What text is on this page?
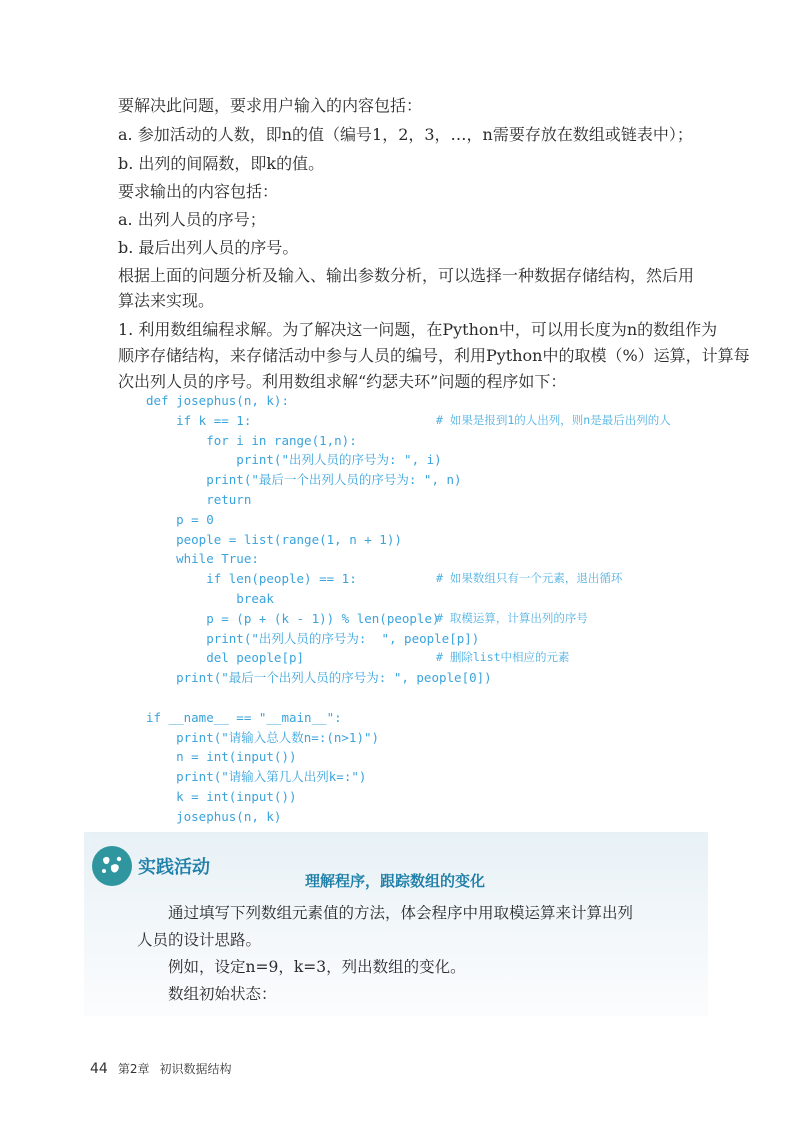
要解决此问题，要求用户输入的内容包括：

a. 参加活动的人数，即n的值（编号1，2，3，…，n需要存放在数组或链表中）；

b. 出列的间隔数，即k的值。

要求输出的内容包括：

a. 出列人员的序号；

b. 最后出列人员的序号。

根据上面的问题分析及输入、输出参数分析，可以选择一种数据存储结构，然后用

算法来实现。

1. 利用数组编程求解。为了解决这一问题，在Python中，可以用长度为n的数组作为

顺序存储结构，来存储活动中参与人员的编号，利用Python中的取模（%）运算，计算每

次出列人员的序号。利用数组求解“约瑟夫环”问题的程序如下：

def josephus(n, k):
if k == 1:	# 如果是报到1的人出列，则n是最后出列的人
for i in range(1,n):
print("出列人员的序号为: ", i)
print("最后一个出列人员的序号为: ", n)
return
p = 0
people = list(range(1, n + 1))
while True:
if len(people) == 1:	# 如果数组只有一个元素，退出循环
break
p = (p + (k - 1)) % len(people)
# 取模运算，计算出列的序号
print("出列人员的序号为:  ", people[p])
del people[p]	# 删除list中相应的元素
print("最后一个出列人员的序号为: ", people[0])
if __name__ == "__main__":
print("请输入总人数n=:(n>1)")
n = int(input())
print("请输入第几人出列k=:")
k = int(input())
josephus(n, k)

实践活动

理解程序，跟踪数组的变化

通过填写下列数组元素值的方法，体会程序中用取模运算来计算出列

人员的设计思路。

例如，设定n=9，k=3，列出数组的变化。

数组初始状态：

44 第2章 初识数据结构
